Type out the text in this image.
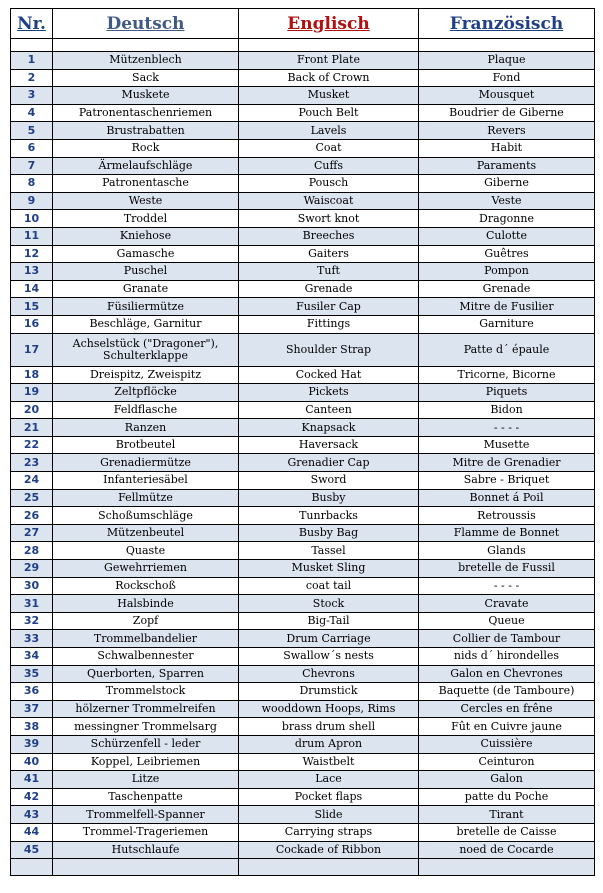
Nr.	Deutsch	Englisch	Französisch

1	Mützenblech	Front Plate	Plaque
2	Sack	Back of Crown	Fond
3	Muskete	Musket	Mousquet
4	Patronentaschenriemen	Pouch Belt	Boudrier de Giberne
5	Brustrabatten	Lavels	Revers
6	Rock	Coat	Habit
7	Ärmelaufschläge	Cuffs	Paraments
8	Patronentasche	Pousch	Giberne
9	Weste	Waiscoat	Veste
10	Troddel	Swort knot	Dragonne
11	Kniehose	Breeches	Culotte
12	Gamasche	Gaiters	Guêtres
13	Puschel	Tuft	Pompon
14	Granate	Grenade	Grenade
15	Füsiliermütze	Fusiler Cap	Mitre de Fusilier
16	Beschläge, Garnitur	Fittings	Garniture
17	Achselstück ("Dragoner"), Schulterklappe	Shoulder Strap	Patte d´ épaule
18	Dreispitz, Zweispitz	Cocked Hat	Tricorne, Bicorne
19	Zeltpflöcke	Pickets	Piquets
20	Feldflasche	Canteen	Bidon
21	Ranzen	Knapsack	- - - -
22	Brotbeutel	Haversack	Musette
23	Grenadiermütze	Grenadier Cap	Mitre de Grenadier
24	Infanteriesäbel	Sword	Sabre - Briquet
25	Fellmütze	Busby	Bonnet á Poil
26	Schoßumschläge	Tunrbacks	Retroussis
27	Mützenbeutel	Busby Bag	Flamme de Bonnet
28	Quaste	Tassel	Glands
29	Gewehrriemen	Musket Sling	bretelle de Fussil
30	Rockschoß	coat tail	- - - -
31	Halsbinde	Stock	Cravate
32	Zopf	Big-Tail	Queue
33	Trommelbandelier	Drum Carriage	Collier de Tambour
34	Schwalbennester	Swallow´s nests	nids d´ hirondelles
35	Querborten, Sparren	Chevrons	Galon en Chevrones
36	Trommelstock	Drumstick	Baquette (de Tamboure)
37	hölzerner Trommelreifen	wooddown Hoops, Rims	Cercles en frêne
38	messingner Trommelsarg	brass drum shell	Fût en Cuivre jaune
39	Schürzenfell - leder	drum Apron	Cuissière
40	Koppel, Leibriemen	Waistbelt	Ceinturon
41	Litze	Lace	Galon
42	Taschenpatte	Pocket flaps	patte du Poche
43	Trommelfell-Spanner	Slide	Tirant
44	Trommel-Trageriemen	Carrying straps	bretelle de Caisse
45	Hutschlaufe	Cockade of Ribbon	noed de Cocarde
